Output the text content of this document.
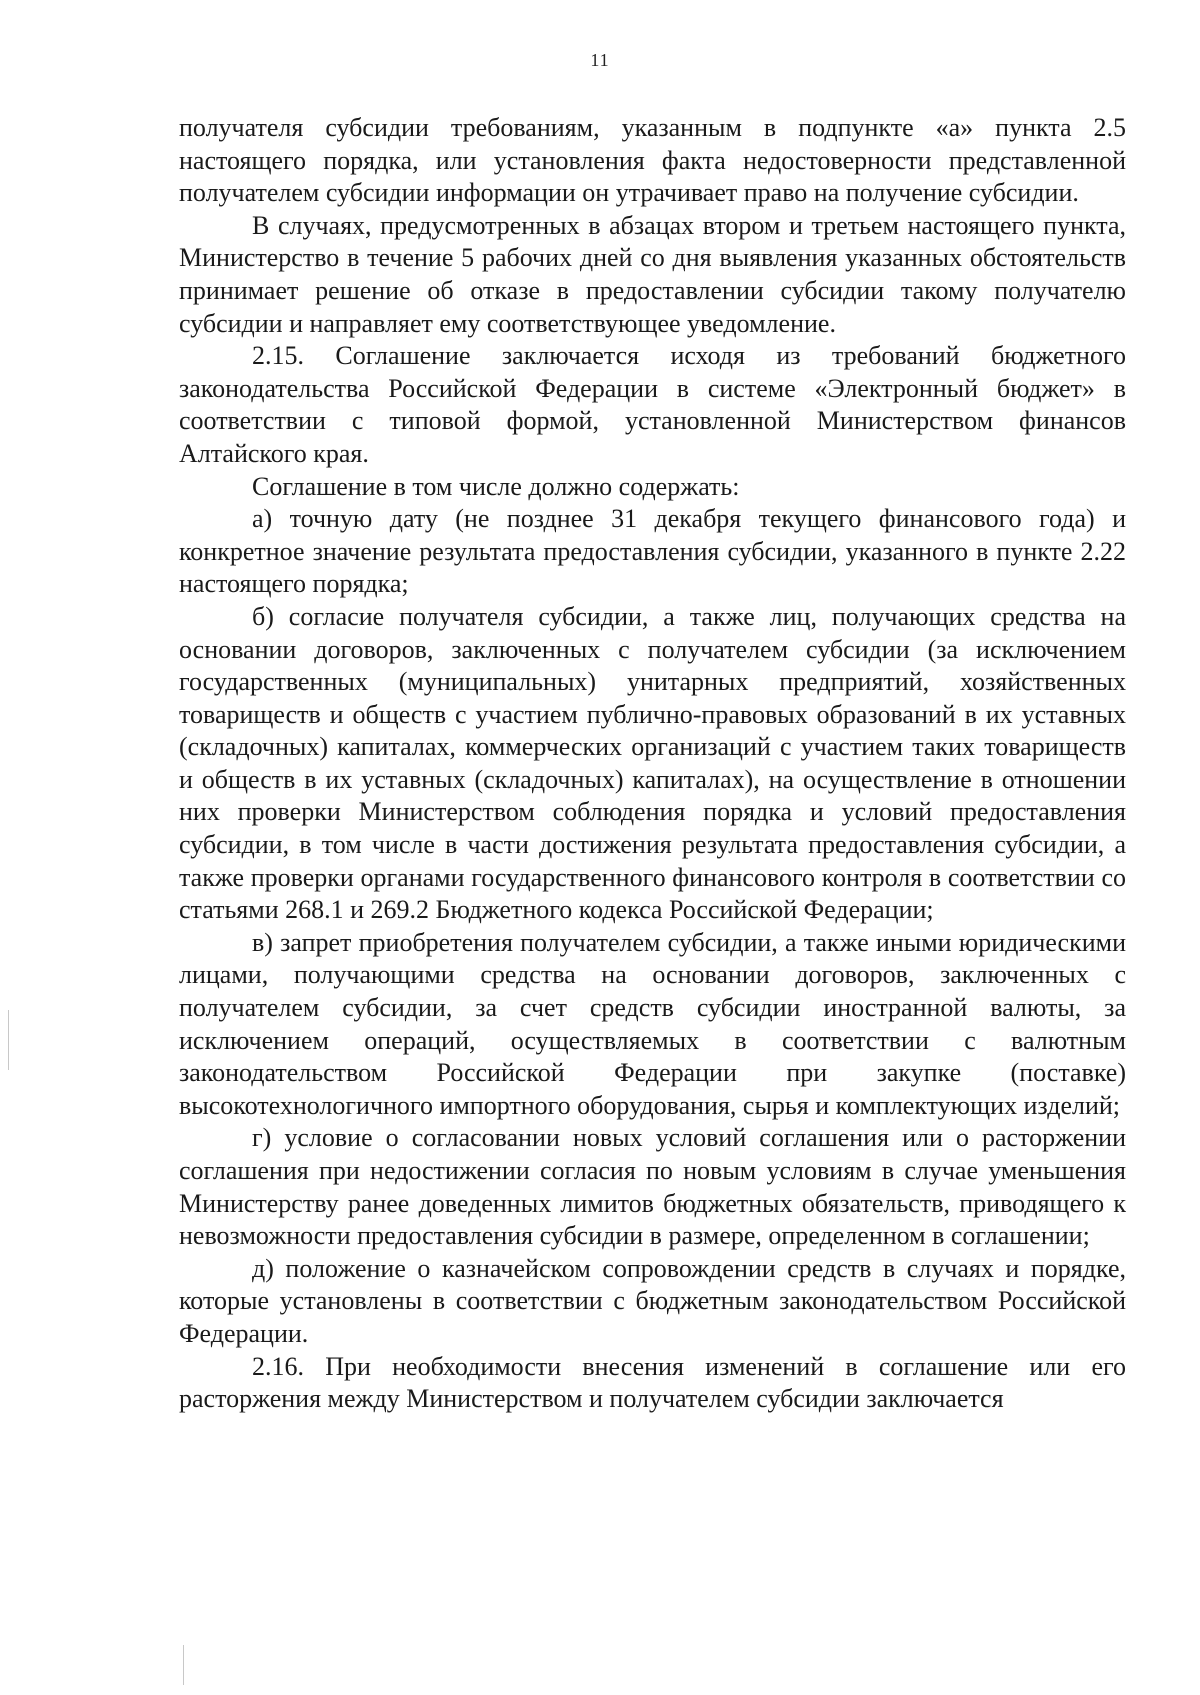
11

получателя субсидии требованиям, указанным в подпункте «а» пункта 2.5 настоящего порядка, или установления факта недостоверности представленной получателем субсидии информации он утрачивает право на получение субсидии.

В случаях, предусмотренных в абзацах втором и третьем настоящего пункта, Министерство в течение 5 рабочих дней со дня выявления указанных обстоятельств принимает решение об отказе в предоставлении субсидии такому получателю субсидии и направляет ему соответствующее уведомление.

2.15. Соглашение заключается исходя из требований бюджетного законодательства Российской Федерации в системе «Электронный бюджет» в соответствии с типовой формой, установленной Министерством финансов Алтайского края.

Соглашение в том числе должно содержать:

а) точную дату (не позднее 31 декабря текущего финансового года) и конкретное значение результата предоставления субсидии, указанного в пункте 2.22 настоящего порядка;

б) согласие получателя субсидии, а также лиц, получающих средства на основании договоров, заключенных с получателем субсидии (за исключением государственных (муниципальных) унитарных предприятий, хозяйственных товариществ и обществ с участием публично-правовых образований в их уставных (складочных) капиталах, коммерческих организаций с участием таких товариществ и обществ в их уставных (складочных) капиталах), на осуществление в отношении них проверки Министерством соблюдения порядка и условий предоставления субсидии, в том числе в части достижения результата предоставления субсидии, а также проверки органами государственного финансового контроля в соответствии со статьями 268.1 и 269.2 Бюджетного кодекса Российской Федерации;

в) запрет приобретения получателем субсидии, а также иными юридическими лицами, получающими средства на основании договоров, заключенных с получателем субсидии, за счет средств субсидии иностранной валюты, за исключением операций, осуществляемых в соответствии с валютным законодательством Российской Федерации при закупке (поставке) высокотехнологичного импортного оборудования, сырья и комплектующих изделий;

г) условие о согласовании новых условий соглашения или о расторжении соглашения при недостижении согласия по новым условиям в случае уменьшения Министерству ранее доведенных лимитов бюджетных обязательств, приводящего к невозможности предоставления субсидии в размере, определенном в соглашении;

д) положение о казначейском сопровождении средств в случаях и порядке, которые установлены в соответствии с бюджетным законодательством Российской Федерации.

2.16. При необходимости внесения изменений в соглашение или его расторжения между Министерством и получателем субсидии заключается
